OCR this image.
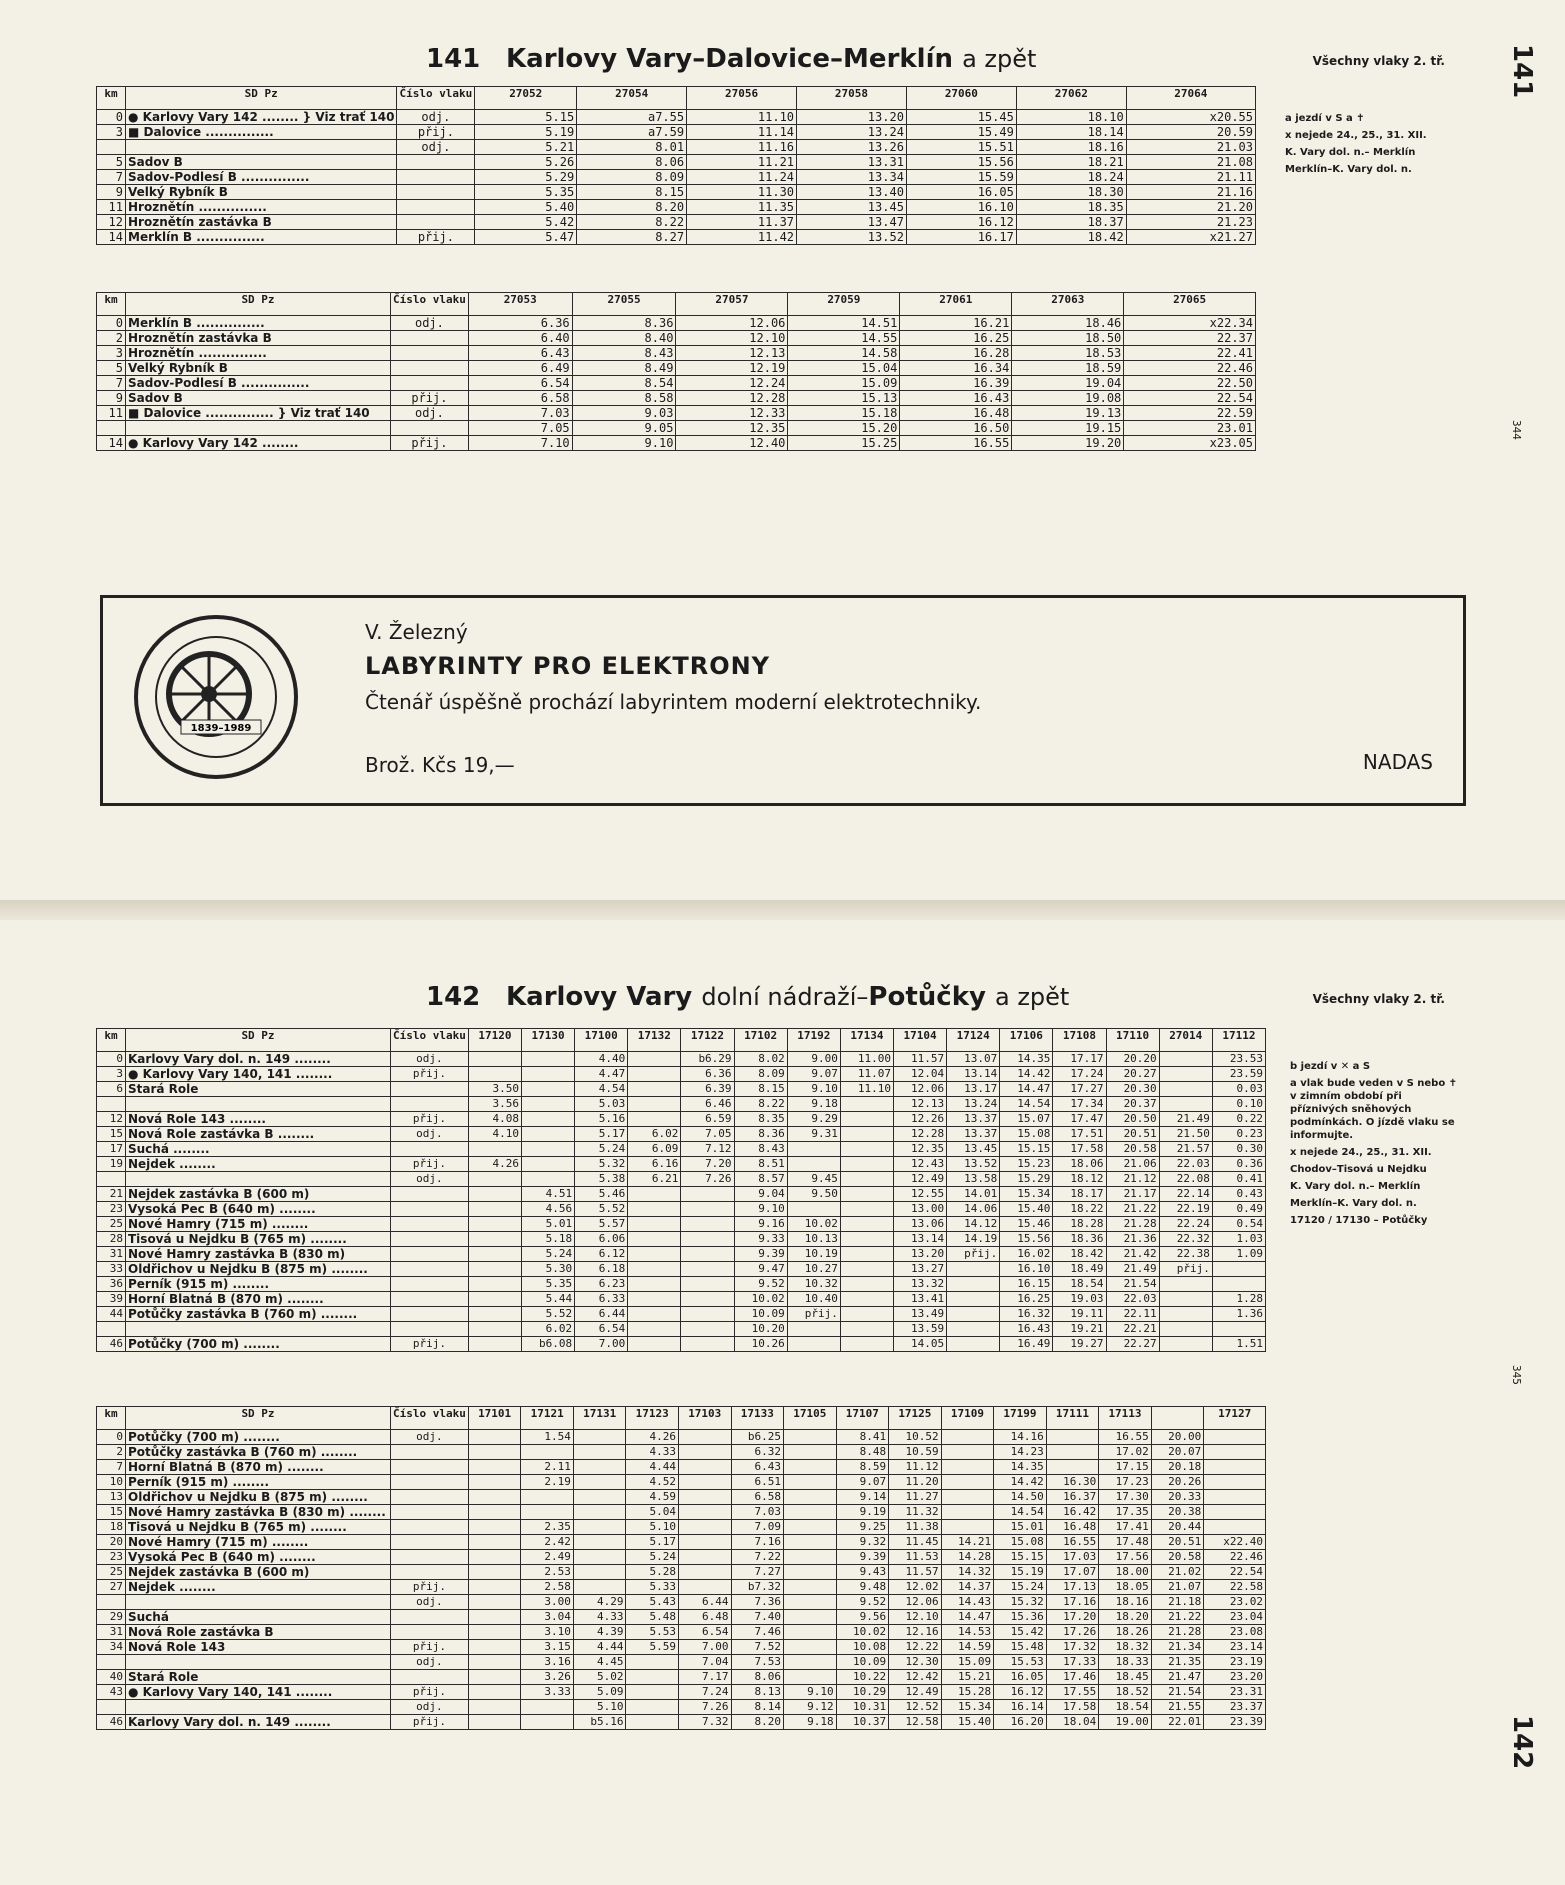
141 Karlovy Vary–Dalovice–Merklín a zpět	Všechny vlaky 2. tř. 141
344
km	SD Pz	Číslo vlaku	27052	27054	27056	27058	27060	27062	27064
0	● Karlovy Vary 142 ........ } Viz trať 140	odj.	5.15	a7.55	11.10	13.20	15.45	18.10	x20.55
3	■ Dalovice ...............	přij.	5.19	a7.59	11.14	13.24	15.49	18.14	20.59
		odj.	5.21	8.01	11.16	13.26	15.51	18.16	21.03
5	Sadov B		5.26	8.06	11.21	13.31	15.56	18.21	21.08
7	Sadov-Podlesí B ...............		5.29	8.09	11.24	13.34	15.59	18.24	21.11
9	Velký Rybník B		5.35	8.15	11.30	13.40	16.05	18.30	21.16
11	Hroznětín ...............		5.40	8.20	11.35	13.45	16.10	18.35	21.20
12	Hroznětín zastávka B		5.42	8.22	11.37	13.47	16.12	18.37	21.23
14	Merklín B ...............	přij.	5.47	8.27	11.42	13.52	16.17	18.42	x21.27
km	SD Pz	Číslo vlaku	27053	27055	27057	27059	27061	27063	27065
0	Merklín B ...............	odj.	6.36	8.36	12.06	14.51	16.21	18.46	x22.34
2	Hroznětín zastávka B		6.40	8.40	12.10	14.55	16.25	18.50	22.37
3	Hroznětín ...............		6.43	8.43	12.13	14.58	16.28	18.53	22.41
5	Velký Rybník B		6.49	8.49	12.19	15.04	16.34	18.59	22.46
7	Sadov-Podlesí B ...............		6.54	8.54	12.24	15.09	16.39	19.04	22.50
9	Sadov B	přij.	6.58	8.58	12.28	15.13	16.43	19.08	22.54
11	■ Dalovice ............... } Viz trať 140	odj.	7.03	9.03	12.33	15.18	16.48	19.13	22.59
			7.05	9.05	12.35	15.20	16.50	19.15	23.01
14	● Karlovy Vary 142 ........	přij.	7.10	9.10	12.40	15.25	16.55	19.20	x23.05
a jezdí v S a ✝
x nejede 24., 25., 31. XII.
K. Vary dol. n.– Merklín
Merklín–K. Vary dol. n.
1839–1989
V. Železný
LABYRINTY PRO ELEKTRONY
Čtenář úspěšně prochází labyrintem moderní elektrotechniky.
Brož. Kčs 19,—	NADAS
142 Karlovy Vary dolní nádraží–Potůčky a zpět	Všechny vlaky 2. tř.
142
345
km	SD Pz	Číslo vlaku	17120	17130	17100	17132	17122	17102	17192	17134	17104	17124	17106	17108	17110	27014	17112
0	Karlovy Vary dol. n. 149 ........	odj.			4.40		b6.29	8.02	9.00	11.00	11.57	13.07	14.35	17.17	20.20		23.53
3	● Karlovy Vary 140, 141 ........	přij.			4.47		6.36	8.09	9.07	11.07	12.04	13.14	14.42	17.24	20.27		23.59
6	Stará Role		3.50		4.54		6.39	8.15	9.10	11.10	12.06	13.17	14.47	17.27	20.30		0.03
			3.56		5.03		6.46	8.22	9.18		12.13	13.24	14.54	17.34	20.37		0.10
12	Nová Role 143 ........	přij.	4.08		5.16		6.59	8.35	9.29		12.26	13.37	15.07	17.47	20.50	21.49	0.22
15	Nová Role zastávka B ........	odj.	4.10		5.17	6.02	7.05	8.36	9.31		12.28	13.37	15.08	17.51	20.51	21.50	0.23
17	Suchá ........				5.24	6.09	7.12	8.43			12.35	13.45	15.15	17.58	20.58	21.57	0.30
19	Nejdek ........	přij.	4.26		5.32	6.16	7.20	8.51			12.43	13.52	15.23	18.06	21.06	22.03	0.36
		odj.			5.38	6.21	7.26	8.57	9.45		12.49	13.58	15.29	18.12	21.12	22.08	0.41
21	Nejdek zastávka B (600 m)			4.51	5.46			9.04	9.50		12.55	14.01	15.34	18.17	21.17	22.14	0.43
23	Vysoká Pec B (640 m) ........			4.56	5.52			9.10			13.00	14.06	15.40	18.22	21.22	22.19	0.49
25	Nové Hamry (715 m) ........			5.01	5.57			9.16	10.02		13.06	14.12	15.46	18.28	21.28	22.24	0.54
28	Tisová u Nejdku B (765 m) ........			5.18	6.06			9.33	10.13		13.14	14.19	15.56	18.36	21.36	22.32	1.03
31	Nové Hamry zastávka B (830 m)			5.24	6.12			9.39	10.19		13.20	přij.	16.02	18.42	21.42	22.38	1.09
33	Oldřichov u Nejdku B (875 m) ........			5.30	6.18			9.47	10.27		13.27		16.10	18.49	21.49	přij.	
36	Perník (915 m) ........			5.35	6.23			9.52	10.32		13.32		16.15	18.54	21.54		
39	Horní Blatná B (870 m) ........			5.44	6.33			10.02	10.40		13.41		16.25	19.03	22.03		1.28
44	Potůčky zastávka B (760 m) ........			5.52	6.44			10.09	přij.		13.49		16.32	19.11	22.11		1.36
				6.02	6.54			10.20			13.59		16.43	19.21	22.21		
46	Potůčky (700 m) ........	přij.		b6.08	7.00			10.26			14.05		16.49	19.27	22.27		1.51
km	SD Pz	Číslo vlaku	17101	17121	17131	17123	17103	17133	17105	17107	17125	17109	17199	17111	17113		17127
0	Potůčky (700 m) ........	odj.		1.54		4.26		b6.25		8.41	10.52		14.16		16.55	20.00	
2	Potůčky zastávka B (760 m) ........					4.33		6.32		8.48	10.59		14.23		17.02	20.07	
7	Horní Blatná B (870 m) ........			2.11		4.44		6.43		8.59	11.12		14.35		17.15	20.18	
10	Perník (915 m) ........			2.19		4.52		6.51		9.07	11.20		14.42	16.30	17.23	20.26	
13	Oldřichov u Nejdku B (875 m) ........					4.59		6.58		9.14	11.27		14.50	16.37	17.30	20.33	
15	Nové Hamry zastávka B (830 m) ........					5.04		7.03		9.19	11.32		14.54	16.42	17.35	20.38	
18	Tisová u Nejdku B (765 m) ........			2.35		5.10		7.09		9.25	11.38		15.01	16.48	17.41	20.44	
20	Nové Hamry (715 m) ........			2.42		5.17		7.16		9.32	11.45	14.21	15.08	16.55	17.48	20.51	x22.40
23	Vysoká Pec B (640 m) ........			2.49		5.24		7.22		9.39	11.53	14.28	15.15	17.03	17.56	20.58	22.46
25	Nejdek zastávka B (600 m)			2.53		5.28		7.27		9.43	11.57	14.32	15.19	17.07	18.00	21.02	22.54
27	Nejdek ........	přij.		2.58		5.33		b7.32		9.48	12.02	14.37	15.24	17.13	18.05	21.07	22.58
		odj.		3.00	4.29	5.43	6.44	7.36		9.52	12.06	14.43	15.32	17.16	18.16	21.18	23.02
29	Suchá			3.04	4.33	5.48	6.48	7.40		9.56	12.10	14.47	15.36	17.20	18.20	21.22	23.04
31	Nová Role zastávka B			3.10	4.39	5.53	6.54	7.46		10.02	12.16	14.53	15.42	17.26	18.26	21.28	23.08
34	Nová Role 143	přij.		3.15	4.44	5.59	7.00	7.52		10.08	12.22	14.59	15.48	17.32	18.32	21.34	23.14
		odj.		3.16	4.45		7.04	7.53		10.09	12.30	15.09	15.53	17.33	18.33	21.35	23.19
40	Stará Role			3.26	5.02		7.17	8.06		10.22	12.42	15.21	16.05	17.46	18.45	21.47	23.20
43	● Karlovy Vary 140, 141 ........	přij.		3.33	5.09		7.24	8.13	9.10	10.29	12.49	15.28	16.12	17.55	18.52	21.54	23.31
		odj.			5.10		7.26	8.14	9.12	10.31	12.52	15.34	16.14	17.58	18.54	21.55	23.37
46	Karlovy Vary dol. n. 149 ........	přij.			b5.16		7.32	8.20	9.18	10.37	12.58	15.40	16.20	18.04	19.00	22.01	23.39
b jezdí v ✕ a S
a vlak bude veden v S nebo ✝ v zimním období při příznivých sněhových podmínkách. O jízdě vlaku se informujte.
x nejede 24., 25., 31. XII.
Chodov–Tisová u Nejdku
K. Vary dol. n.– Merklín
Merklín–K. Vary dol. n.
17120 / 17130 – Potůčky
